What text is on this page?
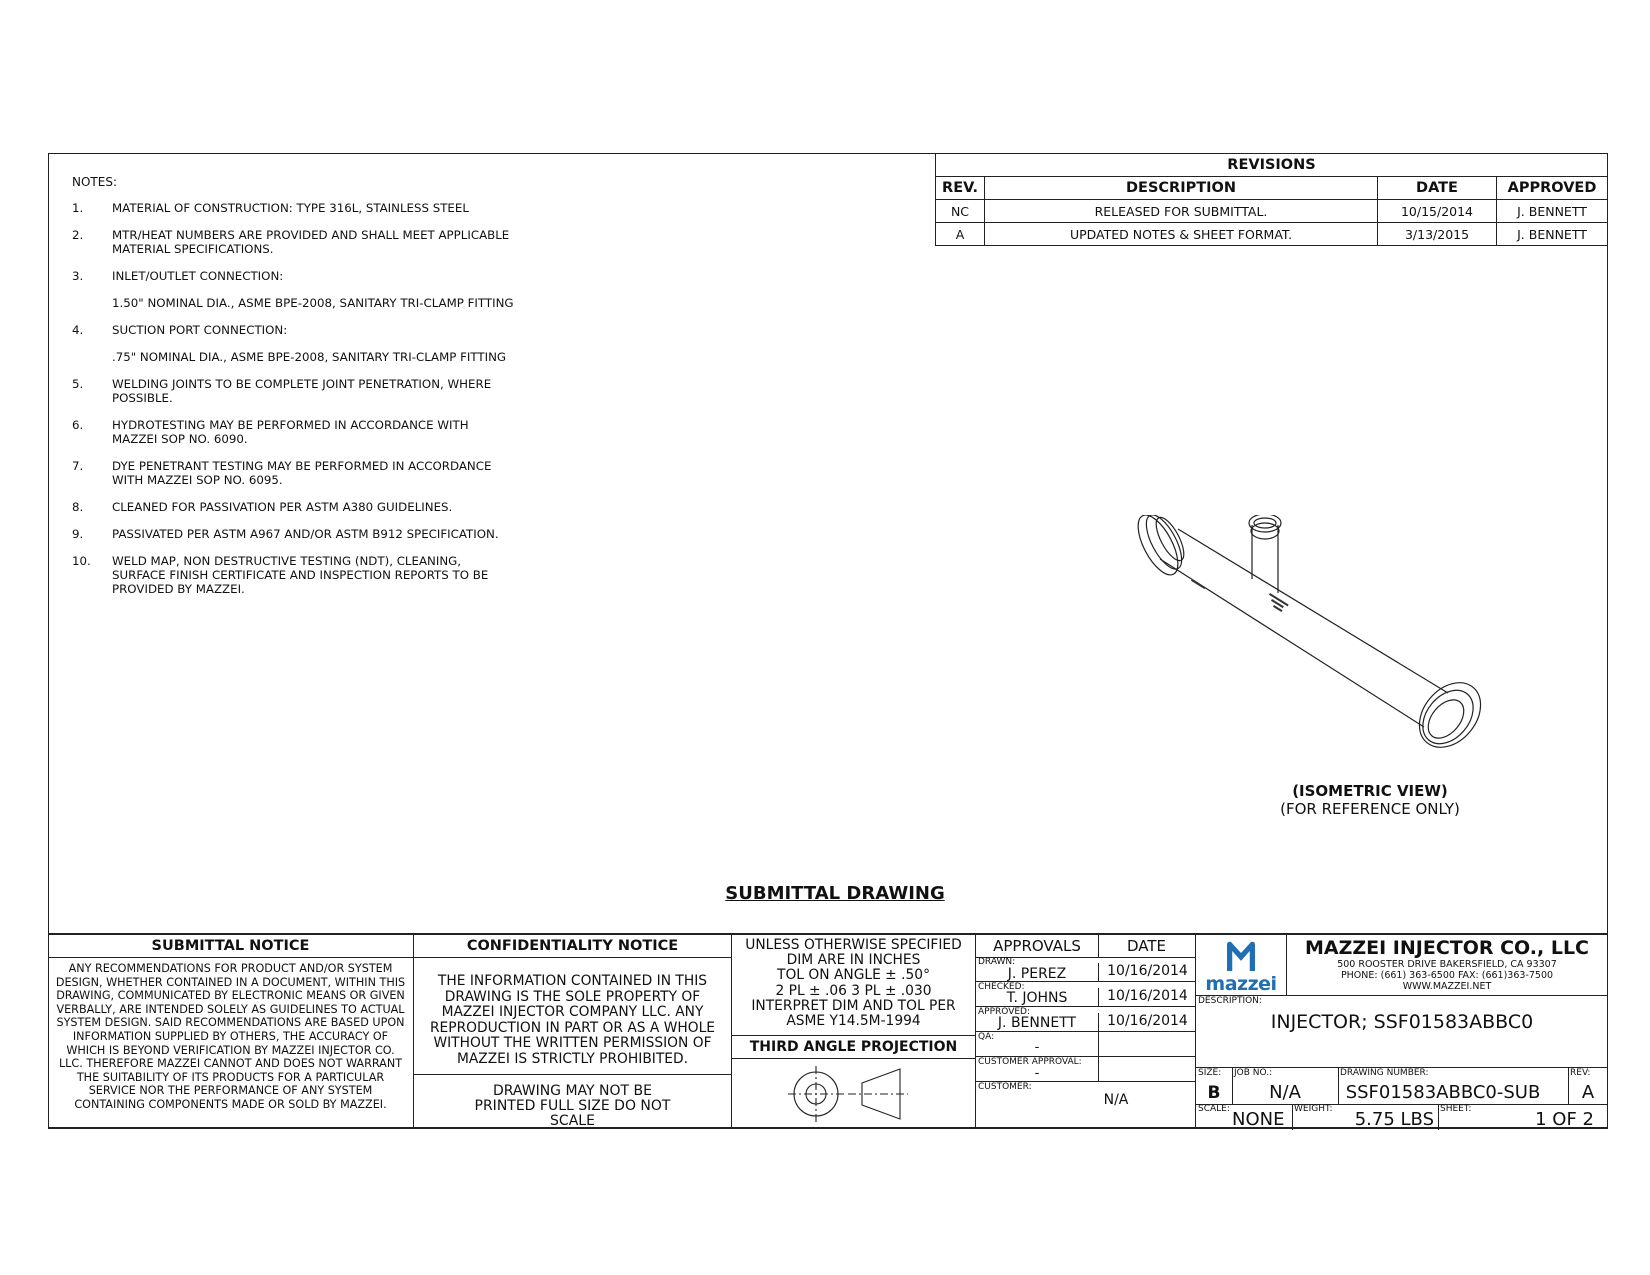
NOTES:
1.	MATERIAL OF CONSTRUCTION: TYPE 316L, STAINLESS STEEL
2.	MTR/HEAT NUMBERS ARE PROVIDED AND SHALL MEET APPLICABLE
MATERIAL SPECIFICATIONS.
3.	INLET/OUTLET CONNECTION:
1.50" NOMINAL DIA., ASME BPE-2008, SANITARY TRI-CLAMP FITTING
4.	SUCTION PORT CONNECTION:
.75" NOMINAL DIA., ASME BPE-2008, SANITARY TRI-CLAMP FITTING
5.	WELDING JOINTS TO BE COMPLETE JOINT PENETRATION, WHERE
POSSIBLE.
6.	HYDROTESTING MAY BE PERFORMED IN ACCORDANCE WITH
MAZZEI SOP NO. 6090.
7.	DYE PENETRANT TESTING MAY BE PERFORMED IN ACCORDANCE
WITH MAZZEI SOP NO. 6095.
8.	CLEANED FOR PASSIVATION PER ASTM A380 GUIDELINES.
9.	PASSIVATED PER ASTM A967 AND/OR ASTM B912 SPECIFICATION.
10.	WELD MAP, NON DESTRUCTIVE TESTING (NDT), CLEANING,
SURFACE FINISH CERTIFICATE AND INSPECTION REPORTS TO BE
PROVIDED BY MAZZEI.
REVISIONS			
REV.	DESCRIPTION	DATE	APPROVED
NC	RELEASED FOR SUBMITTAL.	10/15/2014	J. BENNETT
A	UPDATED NOTES & SHEET FORMAT.	3/13/2015	J. BENNETT
(ISOMETRIC VIEW)
(FOR REFERENCE ONLY)
SUBMITTAL DRAWING
SUBMITTAL NOTICE
ANY RECOMMENDATIONS FOR PRODUCT AND/OR SYSTEM DESIGN, WHETHER CONTAINED IN A DOCUMENT, WITHIN THIS DRAWING, COMMUNICATED BY ELECTRONIC MEANS OR GIVEN VERBALLY, ARE INTENDED SOLELY AS GUIDELINES TO ACTUAL SYSTEM DESIGN. SAID RECOMMENDATIONS ARE BASED UPON INFORMATION SUPPLIED BY OTHERS, THE ACCURACY OF WHICH IS BEYOND VERIFICATION BY MAZZEI INJECTOR CO. LLC. THEREFORE MAZZEI CANNOT AND DOES NOT WARRANT THE SUITABILITY OF ITS PRODUCTS FOR A PARTICULAR SERVICE NOR THE PERFORMANCE OF ANY SYSTEM CONTAINING COMPONENTS MADE OR SOLD BY MAZZEI.
CONFIDENTIALITY NOTICE
THE INFORMATION CONTAINED IN THIS DRAWING IS THE SOLE PROPERTY OF MAZZEI INJECTOR COMPANY LLC. ANY REPRODUCTION IN PART OR AS A WHOLE WITHOUT THE WRITTEN PERMISSION OF MAZZEI IS STRICTLY PROHIBITED.
DRAWING MAY NOT BE PRINTED FULL SIZE DO NOT SCALE
UNLESS OTHERWISE SPECIFIED
DIM ARE IN INCHES
TOL ON ANGLE ± .50°
2 PL ± .06 3 PL ± .030
INTERPRET DIM AND TOL PER
ASME Y14.5M-1994
THIRD ANGLE PROJECTION
APPROVALS	DATE
DRAWN:
J. PEREZ	10/16/2014
CHECKED:
T. JOHNS	10/16/2014
APPROVED:
J. BENNETT	10/16/2014
QA:
-
CUSTOMER APPROVAL:
-
CUSTOMER:
N/A
mazzei
MAZZEI INJECTOR CO., LLC
500 ROOSTER DRIVE BAKERSFIELD, CA 93307
PHONE: (661) 363-6500 FAX: (661)363-7500
WWW.MAZZEI.NET
DESCRIPTION:
INJECTOR; SSF01583ABBC0
SIZE:
B
JOB NO.:
N/A
DRAWING NUMBER:
SSF01583ABBC0-SUB
REV:
A
SCALE: NONE WEIGHT: 5.75 LBS SHEET:	1 OF 2
